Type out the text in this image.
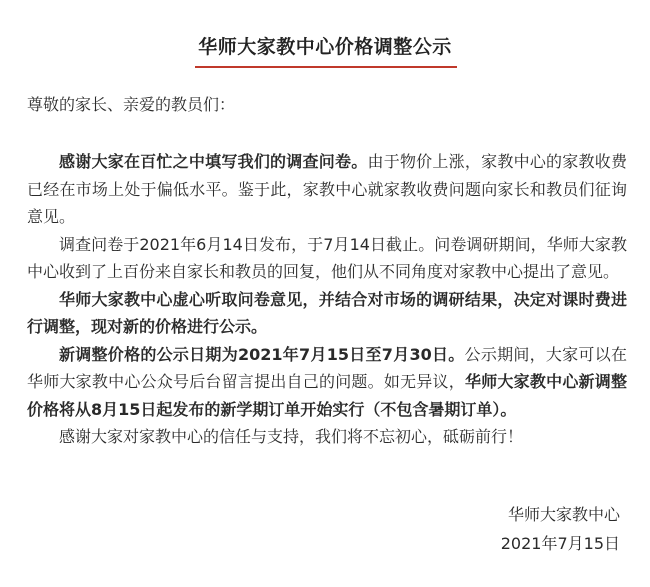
华师大家教中心价格调整公示
尊敬的家长、亲爱的教员们：

感谢大家在百忙之中填写我们的调查问卷。由于物价上涨，家教中心的家教收费已经在市场上处于偏低水平。鉴于此，家教中心就家教收费问题向家长和教员们征询意见。

调查问卷于2021年6月14日发布，于7月14日截止。问卷调研期间，华师大家教中心收到了上百份来自家长和教员的回复，他们从不同角度对家教中心提出了意见。

华师大家教中心虚心听取问卷意见，并结合对市场的调研结果，决定对课时费进行调整，现对新的价格进行公示。

新调整价格的公示日期为2021年7月15日至7月30日。公示期间，大家可以在华师大家教中心公众号后台留言提出自己的问题。如无异议，华师大家教中心新调整价格将从8月15日起发布的新学期订单开始实行（不包含暑期订单）。

感谢大家对家教中心的信任与支持，我们将不忘初心，砥砺前行！

华师大家教中心
2021年7月15日
